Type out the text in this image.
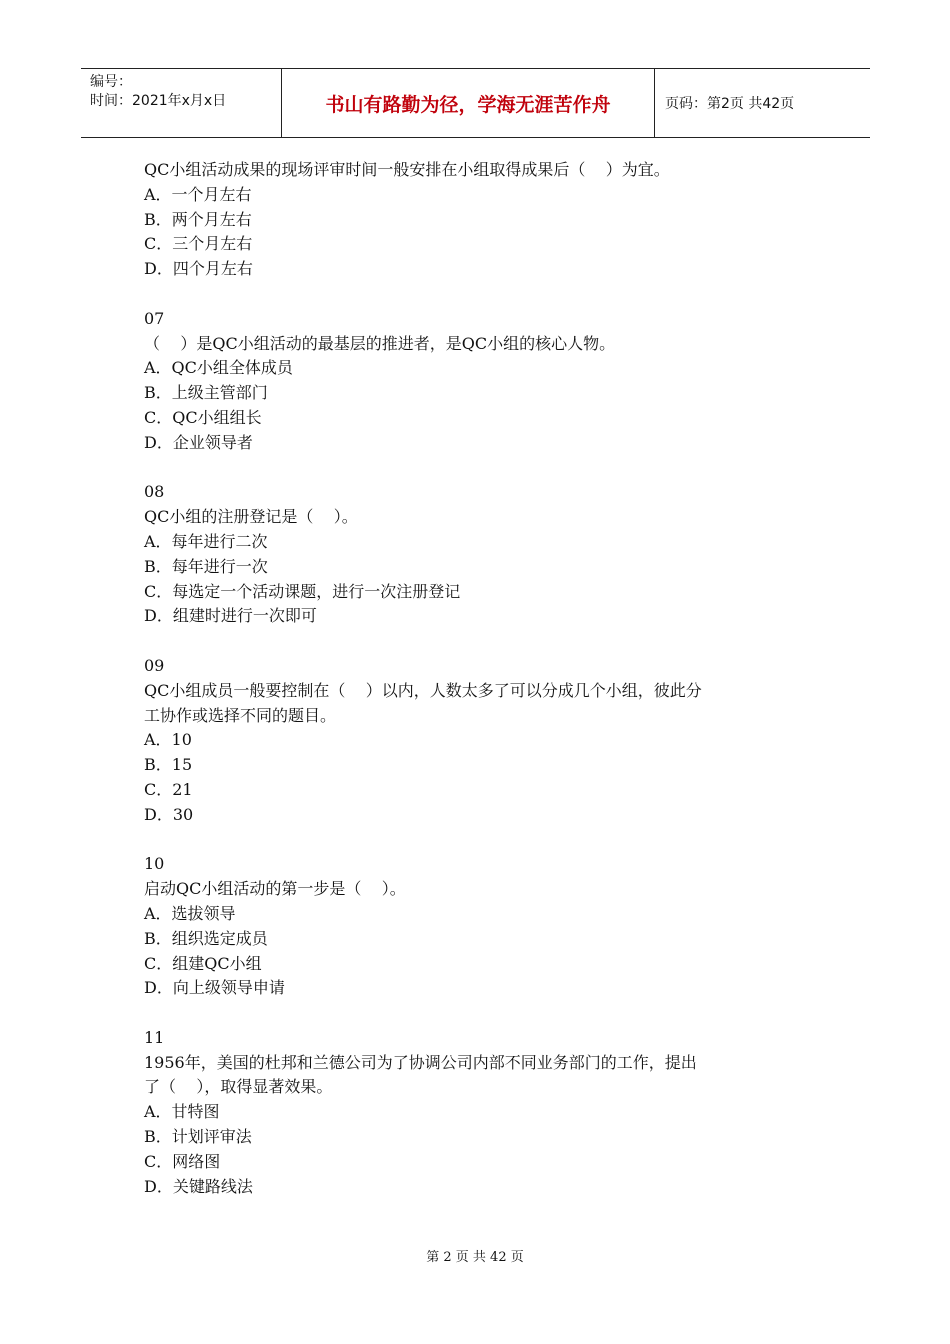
编号：
时间：2021年x月x日	书山有路勤为径，学海无涯苦作舟	页码：第2页 共42页
QC小组活动成果的现场评审时间一般安排在小组取得成果后（    ）为宜。
A．一个月左右
B．两个月左右
C．三个月左右
D．四个月左右
07
（    ）是QC小组活动的最基层的推进者，是QC小组的核心人物。
A．QC小组全体成员
B．上级主管部门
C．QC小组组长
D．企业领导者
08
QC小组的注册登记是（    ）。
A．每年进行二次
B．每年进行一次
C．每选定一个活动课题，进行一次注册登记
D．组建时进行一次即可
09
QC小组成员一般要控制在（    ）以内，人数太多了可以分成几个小组，彼此分
工协作或选择不同的题目。
A．10
B．15
C．21
D．30
10
启动QC小组活动的第一步是（    ）。
A．选拔领导
B．组织选定成员
C．组建QC小组
D．向上级领导申请
11
1956年，美国的杜邦和兰德公司为了协调公司内部不同业务部门的工作，提出
了（    ），取得显著效果。
A．甘特图
B．计划评审法
C．网络图
D．关键路线法
第 2 页 共 42 页
